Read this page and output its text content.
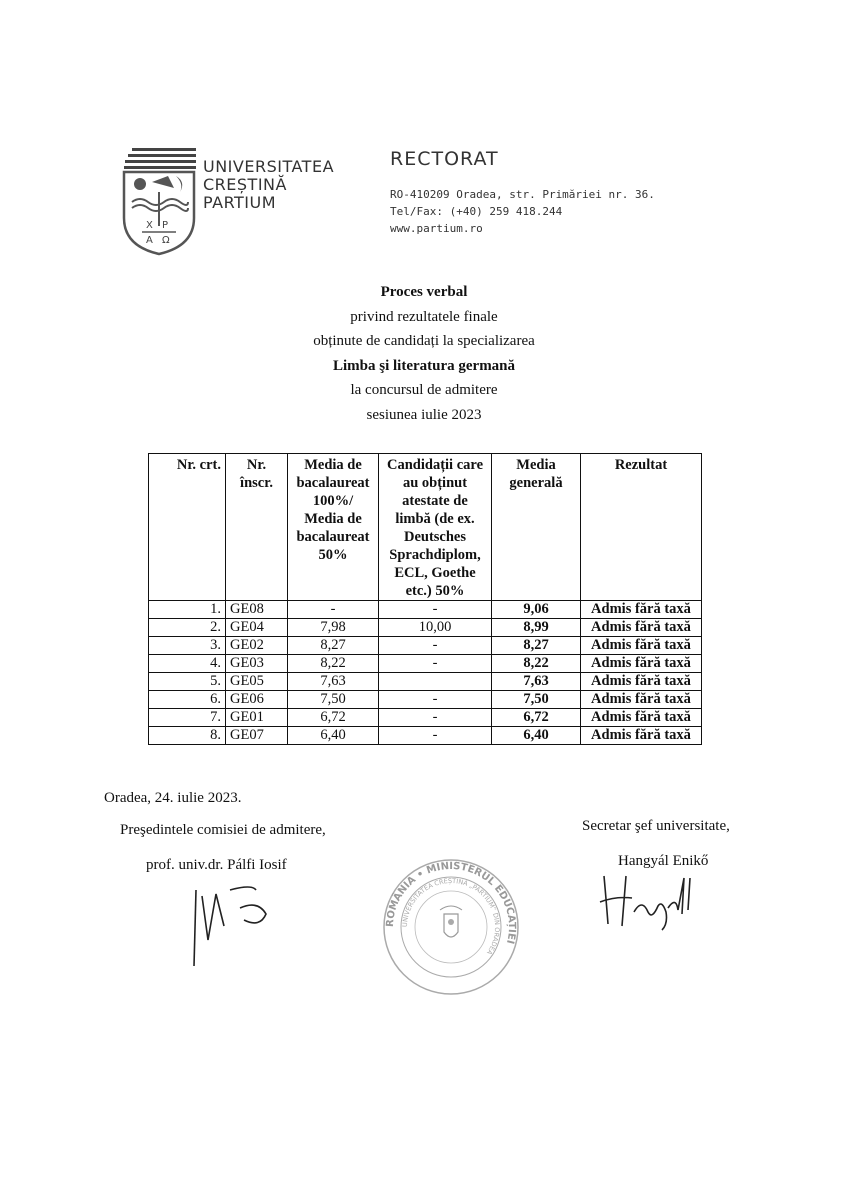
X P
A Ω
UNIVERSITATEA
CREȘTINĂ
PARTIUM
RECTORAT
RO-410209 Oradea, str. Primăriei nr. 36.
Tel/Fax: (+40) 259 418.244
www.partium.ro
Proces verbal
privind rezultatele finale
obținute de candidați la specializarea
Limba şi literatura germană
la concursul de admitere
sesiunea iulie 2023
Nr. crt.	Nr. înscr.	Media de bacalaureat 100%/ Media de bacalaureat 50%	Candidații care au obținut atestate de limbă (de ex. Deutsches Sprachdiplom, ECL, Goethe etc.) 50%	Media generală	Rezultat
1.	GE08	-	-	9,06	Admis fără taxă
2.	GE04	7,98	10,00	8,99	Admis fără taxă
3.	GE02	8,27	-	8,27	Admis fără taxă
4.	GE03	8,22	-	8,22	Admis fără taxă
5.	GE05	7,63		7,63	Admis fără taxă
6.	GE06	7,50	-	7,50	Admis fără taxă
7.	GE01	6,72	-	6,72	Admis fără taxă
8.	GE07	6,40	-	6,40	Admis fără taxă
Oradea, 24. iulie 2023.
Preşedintele comisiei de admitere,
prof. univ.dr. Pálfi Iosif
Secretar şef universitate,
Hangyál Enikő
ROMÂNIA • MINISTERUL EDUCAȚIEI
UNIVERSITATEA CREȘTINĂ „PARTIUM” DIN ORADEA
